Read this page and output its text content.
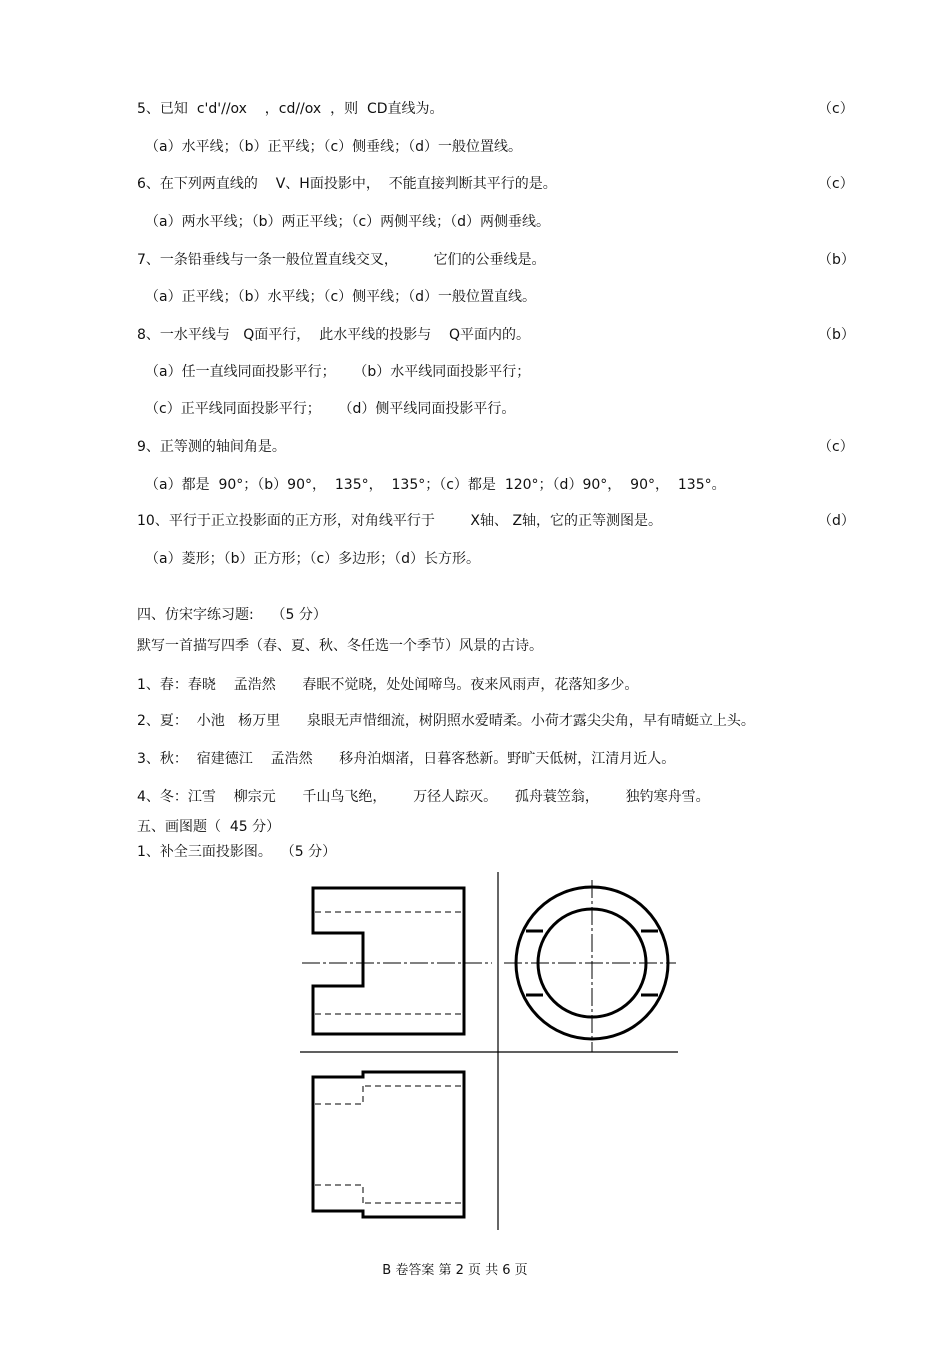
5、已知  c'd'//ox    ，cd//ox  ，则  CD直线为。	（c）
（a）水平线；（b）正平线；（c）侧垂线；（d）一般位置线。
6、在下列两直线的    V、H面投影中，  不能直接判断其平行的是。	（c）
（a）两水平线；（b）两正平线；（c）两侧平线；（d）两侧垂线。
7、一条铅垂线与一条一般位置直线交叉，        它们的公垂线是。	（b）
（a）正平线；（b）水平线；（c）侧平线；（d）一般位置直线。
8、一水平线与   Q面平行，  此水平线的投影与    Q平面内的。	（b）
（a）任一直线同面投影平行；    （b）水平线同面投影平行；
（c）正平线同面投影平行；    （d）侧平线同面投影平行。
9、正等测的轴间角是。	（c）
（a）都是  90°；（b）90°，  135°，  135°；（c）都是  120°；（d）90°，  90°，  135°。
10、平行于正立投影面的正方形，对角线平行于        X轴、 Z轴，它的正等测图是。	（d）
（a）菱形；（b）正方形；（c）多边形；（d）长方形。
四、仿宋字练习题:    （5 分）
默写一首描写四季（春、夏、秋、冬任选一个季节）风景的古诗。
1、春：春晓    孟浩然      春眠不觉晓，处处闻啼鸟。夜来风雨声，花落知多少。
2、夏：  小池   杨万里      泉眼无声惜细流，树阴照水爱晴柔。小荷才露尖尖角，早有晴蜓立上头。
3、秋：  宿建德江    孟浩然      移舟泊烟渚，日暮客愁新。野旷天低树，江清月近人。
4、冬：江雪    柳宗元      千山鸟飞绝，      万径人踪灭。    孤舟蓑笠翁，      独钓寒舟雪。
五、画图题（  45 分）
1、补全三面投影图。  （5 分）
B 卷答案 第 2 页 共 6 页
